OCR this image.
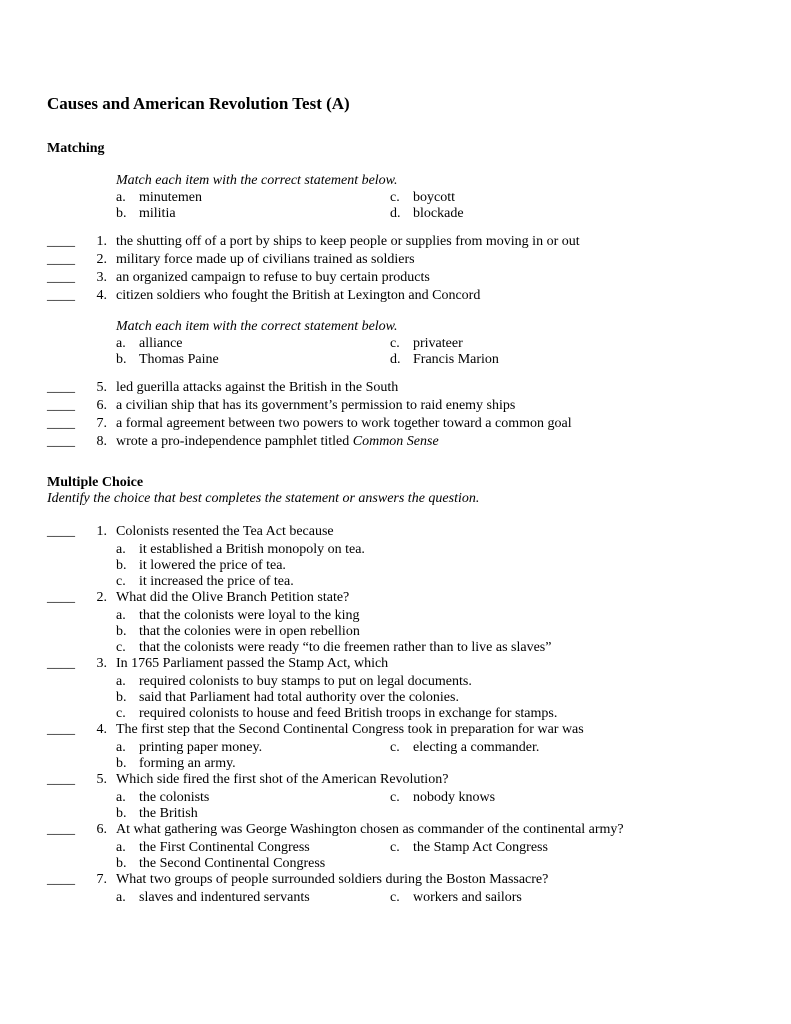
Causes and American Revolution Test (A)
Matching
Match each item with the correct statement below.
a. minutemen
b. militia
c. boycott
d. blockade
____	1. the shutting off of a port by ships to keep people or supplies from moving in or out
____	2. military force made up of civilians trained as soldiers
____	3. an organized campaign to refuse to buy certain products
____	4. citizen soldiers who fought the British at Lexington and Concord
Match each item with the correct statement below.
a. alliance
b. Thomas Paine
c. privateer
d. Francis Marion
____	5. led guerilla attacks against the British in the South
____	6. a civilian ship that has its government’s permission to raid enemy ships
____	7. a formal agreement between two powers to work together toward a common goal
____	8. wrote a pro-independence pamphlet titled Common Sense
Multiple Choice
Identify the choice that best completes the statement or answers the question.
____	1. Colonists resented the Tea Act because
a. it established a British monopoly on tea.
b. it lowered the price of tea.
c. it increased the price of tea.
____	2. What did the Olive Branch Petition state?
a. that the colonists were loyal to the king
b. that the colonies were in open rebellion
c. that the colonists were ready “to die freemen rather than to live as slaves”
____	3. In 1765 Parliament passed the Stamp Act, which
a. required colonists to buy stamps to put on legal documents.
b. said that Parliament had total authority over the colonies.
c. required colonists to house and feed British troops in exchange for stamps.
____	4. The first step that the Second Continental Congress took in preparation for war was
a. printing paper money.	c. electing a commander.
b. forming an army.
____	5. Which side fired the first shot of the American Revolution?
a. the colonists	c. nobody knows
b. the British
____	6. At what gathering was George Washington chosen as commander of the continental army?
a. the First Continental Congress	c. the Stamp Act Congress
b. the Second Continental Congress
____	7. What two groups of people surrounded soldiers during the Boston Massacre?
a. slaves and indentured servants	c. workers and sailors
